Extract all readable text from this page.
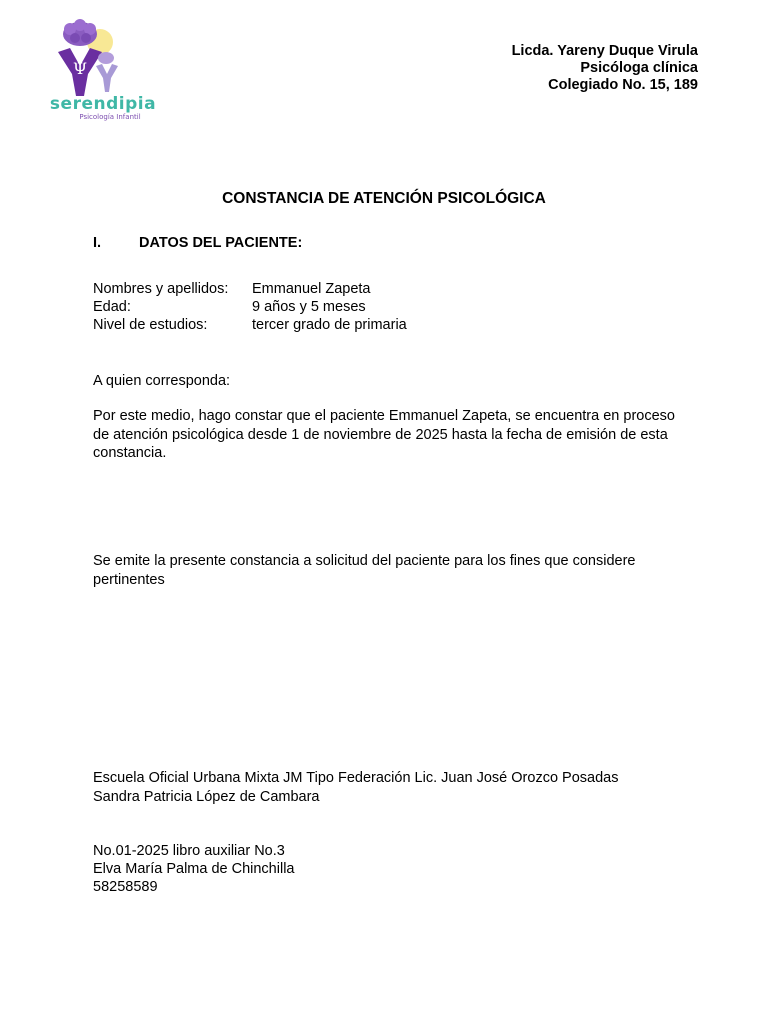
Ψ
serendipia
Psicología Infantil
Licda. Yareny Duque Virula
Psicóloga clínica
Colegiado No. 15, 189
CONSTANCIA DE ATENCIÓN PSICOLÓGICA
I.	DATOS DEL PACIENTE:
Nombres y apellidos:	Emmanuel Zapeta
Edad:	9 años y 5 meses
Nivel de estudios:	tercer grado de primaria
A quien corresponda:
Por este medio, hago constar que el paciente Emmanuel Zapeta, se encuentra en proceso de atención psicológica desde 1 de noviembre de 2025 hasta la fecha de emisión de esta constancia.
Se emite la presente constancia a solicitud del paciente para los fines que considere pertinentes
Escuela Oficial Urbana Mixta JM Tipo Federación Lic. Juan José Orozco Posadas
Sandra Patricia López de Cambara
No.01-2025 libro auxiliar No.3
Elva María Palma de Chinchilla
58258589
